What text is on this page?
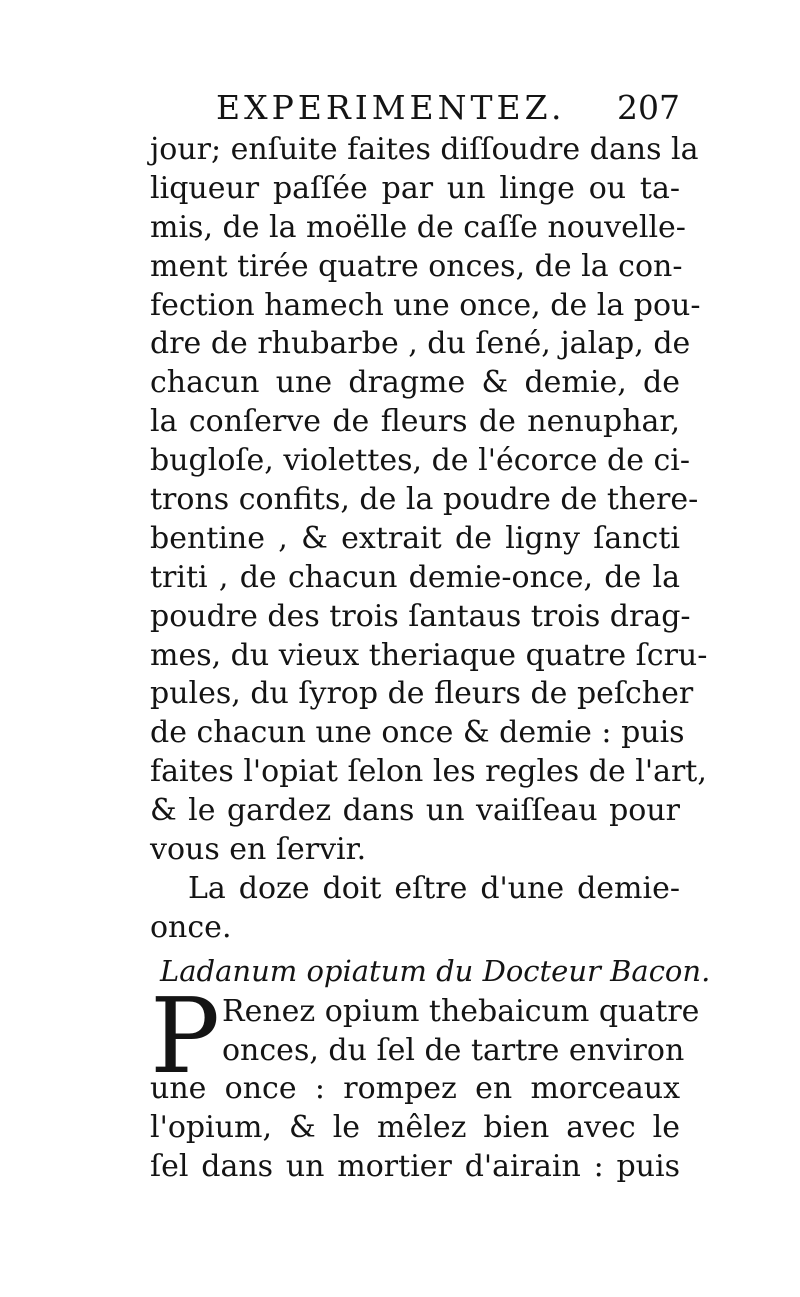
EXPERIMENTEZ. 207
jour; enſuite faites diſſoudre dans la
liqueur paſſée par un linge ou ta-
mis, de la moëlle de caſſe nouvelle-
ment tirée quatre onces, de la con-
fection hamech une once, de la pou-
dre de rhubarbe , du ſené, jalap, de
chacun une dragme & demie, de
la conſerve de fleurs de nenuphar,
bugloſe, violettes, de l'écorce de ci-
trons confits, de la poudre de there-
bentine , & extrait de ligny ſancti
triti , de chacun demie-once, de la
poudre des trois ſantaus trois drag-
mes, du vieux theriaque quatre ſcru-
pules, du ſyrop de fleurs de peſcher
de chacun une once & demie : puis
faites l'opiat ſelon les regles de l'art,
& le gardez dans un vaiſſeau pour
vous en ſervir.
La doze doit eſtre d'une demie-
once.
Ladanum opiatum du Docteur Bacon.
P Renez opium thebaicum quatre
onces, du ſel de tartre environ
une once : rompez en morceaux
l'opium, & le mêlez bien avec le
ſel dans un mortier d'airain : puis
